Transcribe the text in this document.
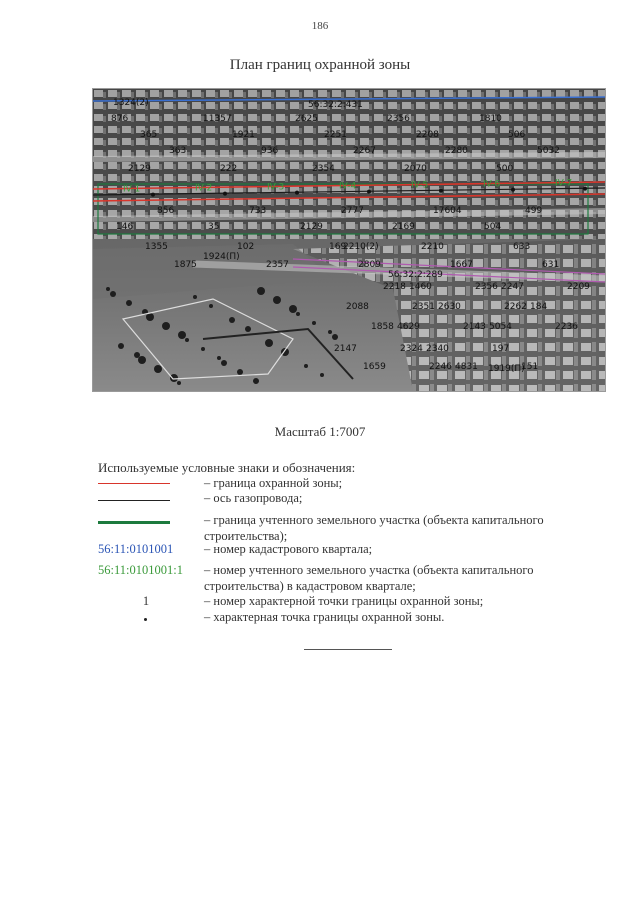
186
План границ охранной зоны
56:32:2:431
56:32:2:289
1924(П)
1919(П)
1324(2)
2210(2)
876
365
363
2129
856
146
1355
1875
2218
2351
1858
2324
2246
11357
1921
936
222
733
35
102
2357
2356
2262
2143
197
151
2625
2251
2267
2354
2777
2129
169
2809
2209
2088
2236
2147
1659
2356
2208
2280
2070
17604
2169
2210
1667
1460
2630
4629
2340
4831
1810
506
5032
500
499
504
633
631
2247
184
5054
IV-1	IV-2	IV-3	IV-4	IV-5	IV-6	IV-7
Масштаб 1:7007
Используемые условные знаки и обозначения:
– граница охранной зоны;
– ось газопровода;
– граница учтенного земельного участка (объекта капитального строительства);
56:11:0101001	– номер кадастрового квартала;
56:11:0101001:1	– номер учтенного земельного участка (объекта капитального строительства) в кадастровом квартале;
1	– номер характерной точки границы охранной зоны;
– характерная точка границы охранной зоны.
